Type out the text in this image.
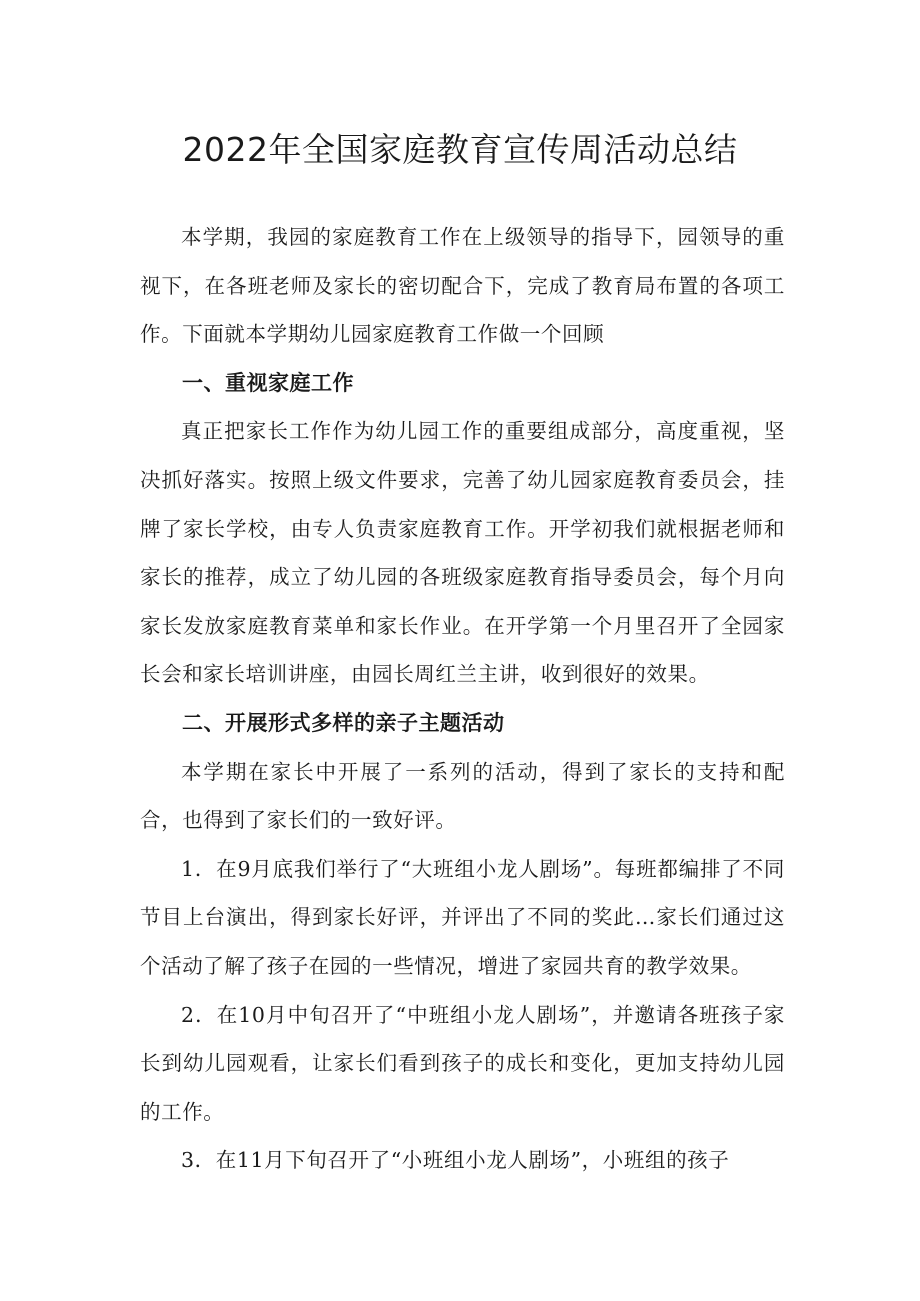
2022年全国家庭教育宣传周活动总结

本学期，我园的家庭教育工作在上级领导的指导下，园领导的重视下，在各班老师及家长的密切配合下，完成了教育局布置的各项工作。下面就本学期幼儿园家庭教育工作做一个回顾

一、重视家庭工作

真正把家长工作作为幼儿园工作的重要组成部分，高度重视，坚决抓好落实。按照上级文件要求，完善了幼儿园家庭教育委员会，挂牌了家长学校，由专人负责家庭教育工作。开学初我们就根据老师和家长的推荐，成立了幼儿园的各班级家庭教育指导委员会，每个月向家长发放家庭教育菜单和家长作业。在开学第一个月里召开了全园家长会和家长培训讲座，由园长周红兰主讲，收到很好的效果。

二、开展形式多样的亲子主题活动

本学期在家长中开展了一系列的活动，得到了家长的支持和配合，也得到了家长们的一致好评。

1．在9月底我们举行了“大班组小龙人剧场”。每班都编排了不同节目上台演出，得到家长好评，并评出了不同的奖此…家长们通过这个活动了解了孩子在园的一些情况，增进了家园共育的教学效果。

2．在10月中旬召开了“中班组小龙人剧场”，并邀请各班孩子家长到幼儿园观看，让家长们看到孩子的成长和变化，更加支持幼儿园的工作。

3．在11月下旬召开了“小班组小龙人剧场”，小班组的孩子
